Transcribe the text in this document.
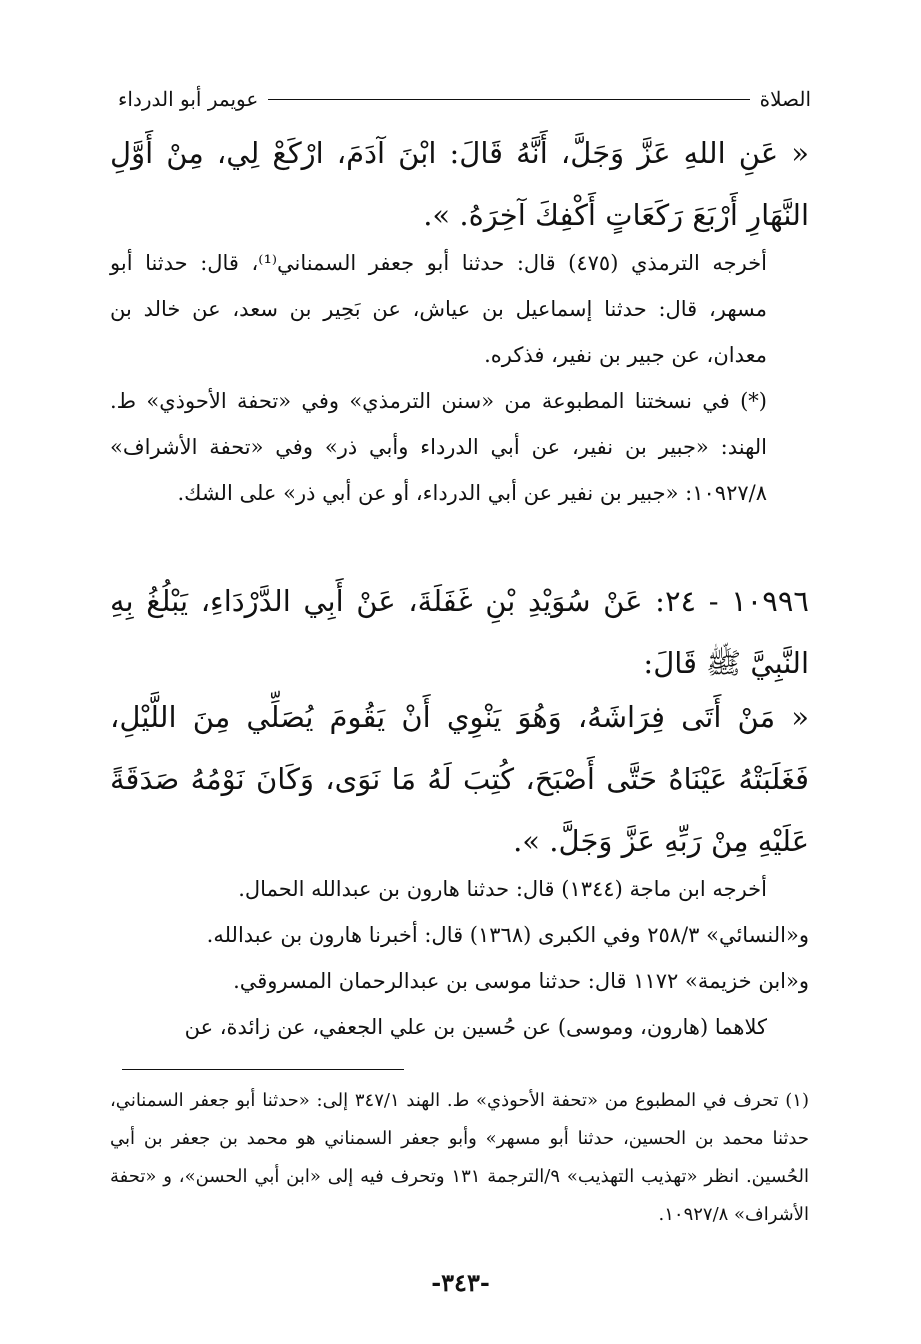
الصلاة
عويمر أبو الدرداء

« عَنِ اللهِ عَزَّ وَجَلَّ، أَنَّهُ قَالَ: ابْنَ آدَمَ، ارْكَعْ لِي، مِنْ أَوَّلِ النَّهَارِ أَرْبَعَ رَكَعَاتٍ أَكْفِكَ آخِرَهُ. ».

أخرجه الترمذي (٤٧٥) قال: حدثنا أبو جعفر السمناني⁽¹⁾، قال: حدثنا أبو مسهر، قال: حدثنا إسماعيل بن عياش، عن بَحِير بن سعد، عن خالد بن معدان، عن جبير بن نفير، فذكره.

(*) في نسختنا المطبوعة من «سنن الترمذي» وفي «تحفة الأحوذي» ط. الهند: «جبير بن نفير، عن أبي الدرداء وأبي ذر» وفي «تحفة الأشراف» ١٠٩٢٧/٨: «جبير بن نفير عن أبي الدرداء، أو عن أبي ذر» على الشك.

١٠٩٩٦ - ٢٤: عَنْ سُوَيْدِ بْنِ غَفَلَةَ، عَنْ أَبِي الدَّرْدَاءِ، يَبْلُغُ بِهِ النَّبِيَّ ﷺ قَالَ:

« مَنْ أَتَى فِرَاشَهُ، وَهُوَ يَنْوِي أَنْ يَقُومَ يُصَلِّي مِنَ اللَّيْلِ، فَغَلَبَتْهُ عَيْنَاهُ حَتَّى أَصْبَحَ، كُتِبَ لَهُ مَا نَوَى، وَكَانَ نَوْمُهُ صَدَقَةً عَلَيْهِ مِنْ رَبِّهِ عَزَّ وَجَلَّ. ».

أخرجه ابن ماجة (١٣٤٤) قال: حدثنا هارون بن عبدالله الحمال.

و«النسائي» ٢٥٨/٣ وفي الكبرى (١٣٦٨) قال: أخبرنا هارون بن عبدالله.

و«ابن خزيمة» ١١٧٢ قال: حدثنا موسى بن عبدالرحمان المسروقي.

كلاهما (هارون، وموسى) عن حُسين بن علي الجعفي، عن زائدة، عن

(١) تحرف في المطبوع من «تحفة الأحوذي» ط. الهند ٣٤٧/١ إلى: «حدثنا أبو جعفر السمناني، حدثنا محمد بن الحسين، حدثنا أبو مسهر» وأبو جعفر السمناني هو محمد بن جعفر بن أبي الحُسين. انظر «تهذيب التهذيب» ٩/الترجمة ١٣١ وتحرف فيه إلى «ابن أبي الحسن»، و «تحفة الأشراف» ١٠٩٢٧/٨.

-٣٤٣-
